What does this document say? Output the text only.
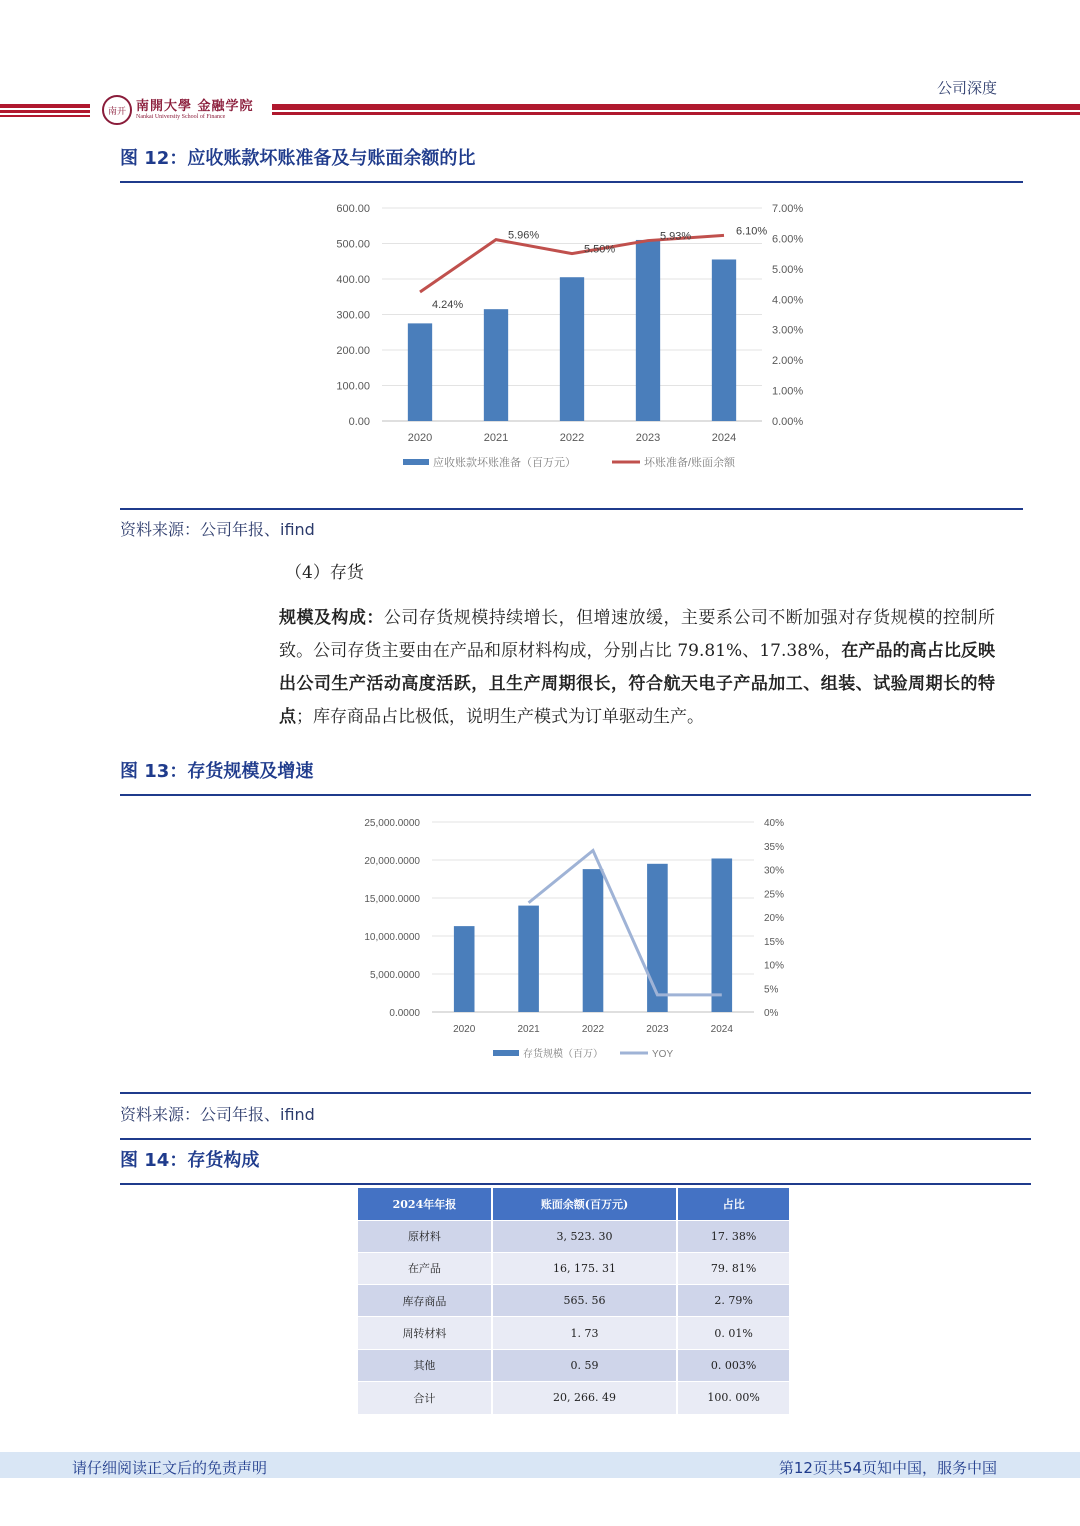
公司深度
南开 南開大學 金融学院
Nankai University School of Finance
图 12：应收账款坏账准备及与账面余额的比
0.00
100.00
200.00
300.00
400.00
500.00
600.00
0.00%
1.00%
2.00%
3.00%
4.00%
5.00%
6.00%
7.00%
2020	2021	2022	2023	2024
4.24%
5.96%
5.50%
5.93%	6.10%
应收账款坏账准备（百万元）	坏账准备/账面余额
资料来源：公司年报、ifind
（4）存货
规模及构成：公司存货规模持续增长，但增速放缓，主要系公司不断加强对存货规模的控制所致。公司存货主要由在产品和原材料构成，分别占比 79.81%、17.38%，在产品的高占比反映出公司生产活动高度活跃，且生产周期很长，符合航天电子产品加工、组装、试验周期长的特点；库存商品占比极低，说明生产模式为订单驱动生产。
图 13：存货规模及增速
0.0000
5,000.0000
10,000.0000
15,000.0000
20,000.0000
25,000.0000
0%
5%
10%
15%
20%
25%
30%
35%
40%
2020	2021	2022	2023	2024
存货规模（百万）	YOY
资料来源：公司年报、ifind
图 14：存货构成
2024年年报	账面余额(百万元)	占比
原材料	3, 523. 30	17. 38%
在产品	16, 175. 31	79. 81%
库存商品	565. 56	2. 79%
周转材料	1. 73	0. 01%
其他	0. 59	0. 003%
合计	20, 266. 49	100. 00%
请仔细阅读正文后的免责声明	第12页共54页知中国，服务中国
